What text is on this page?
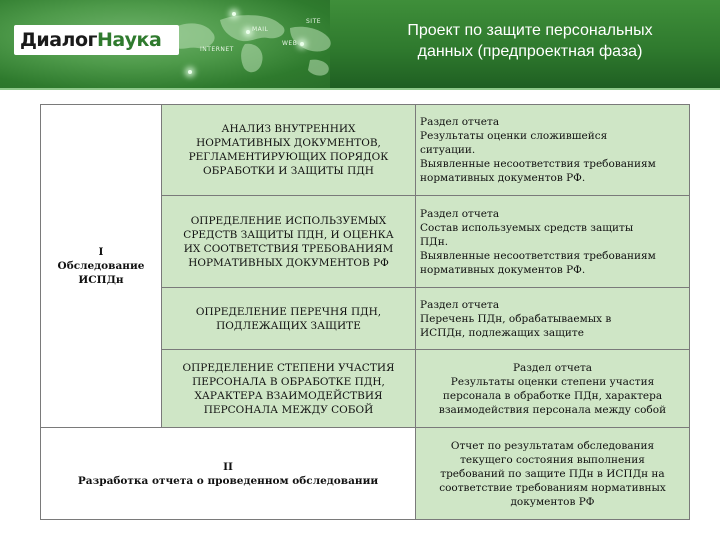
MAIL
WEB
INTERNET
SITE
Диалог Наука	Проект по защите персональных
данных (предпроектная фаза)
I
Обследование
ИСПДн	АНАЛИЗ ВНУТРЕННИХ
НОРМАТИВНЫХ ДОКУМЕНТОВ,
РЕГЛАМЕНТИРУЮЩИХ ПОРЯДОК
ОБРАБОТКИ И ЗАЩИТЫ ПДН	Раздел отчета
Результаты оценки сложившейся
ситуации.
Выявленные несоответствия требованиям
нормативных документов РФ.

	ОПРЕДЕЛЕНИЕ ИСПОЛЬЗУЕМЫХ
СРЕДСТВ ЗАЩИТЫ ПДН, И ОЦЕНКА
ИХ СООТВЕТСТВИЯ ТРЕБОВАНИЯМ
НОРМАТИВНЫХ ДОКУМЕНТОВ РФ	Раздел отчета
Состав используемых средств защиты
ПДн.
Выявленные несоответствия требованиям
нормативных документов РФ.

	ОПРЕДЕЛЕНИЕ ПЕРЕЧНЯ ПДН,
ПОДЛЕЖАЩИХ ЗАЩИТЕ	Раздел отчета
Перечень ПДн, обрабатываемых в
ИСПДн, подлежащих защите

	ОПРЕДЕЛЕНИЕ СТЕПЕНИ УЧАСТИЯ
ПЕРСОНАЛА В ОБРАБОТКЕ ПДН,
ХАРАКТЕРА ВЗАИМОДЕЙСТВИЯ
ПЕРСОНАЛА МЕЖДУ СОБОЙ	Раздел отчета
Результаты оценки степени участия
персонала в обработке ПДн, характера
взаимодействия персонала между собой

II
Разработка отчета о проведенном обследовании		Отчет по результатам обследования
текущего состояния выполнения
требований по защите ПДн в ИСПДн на
соответствие требованиям нормативных
документов РФ
